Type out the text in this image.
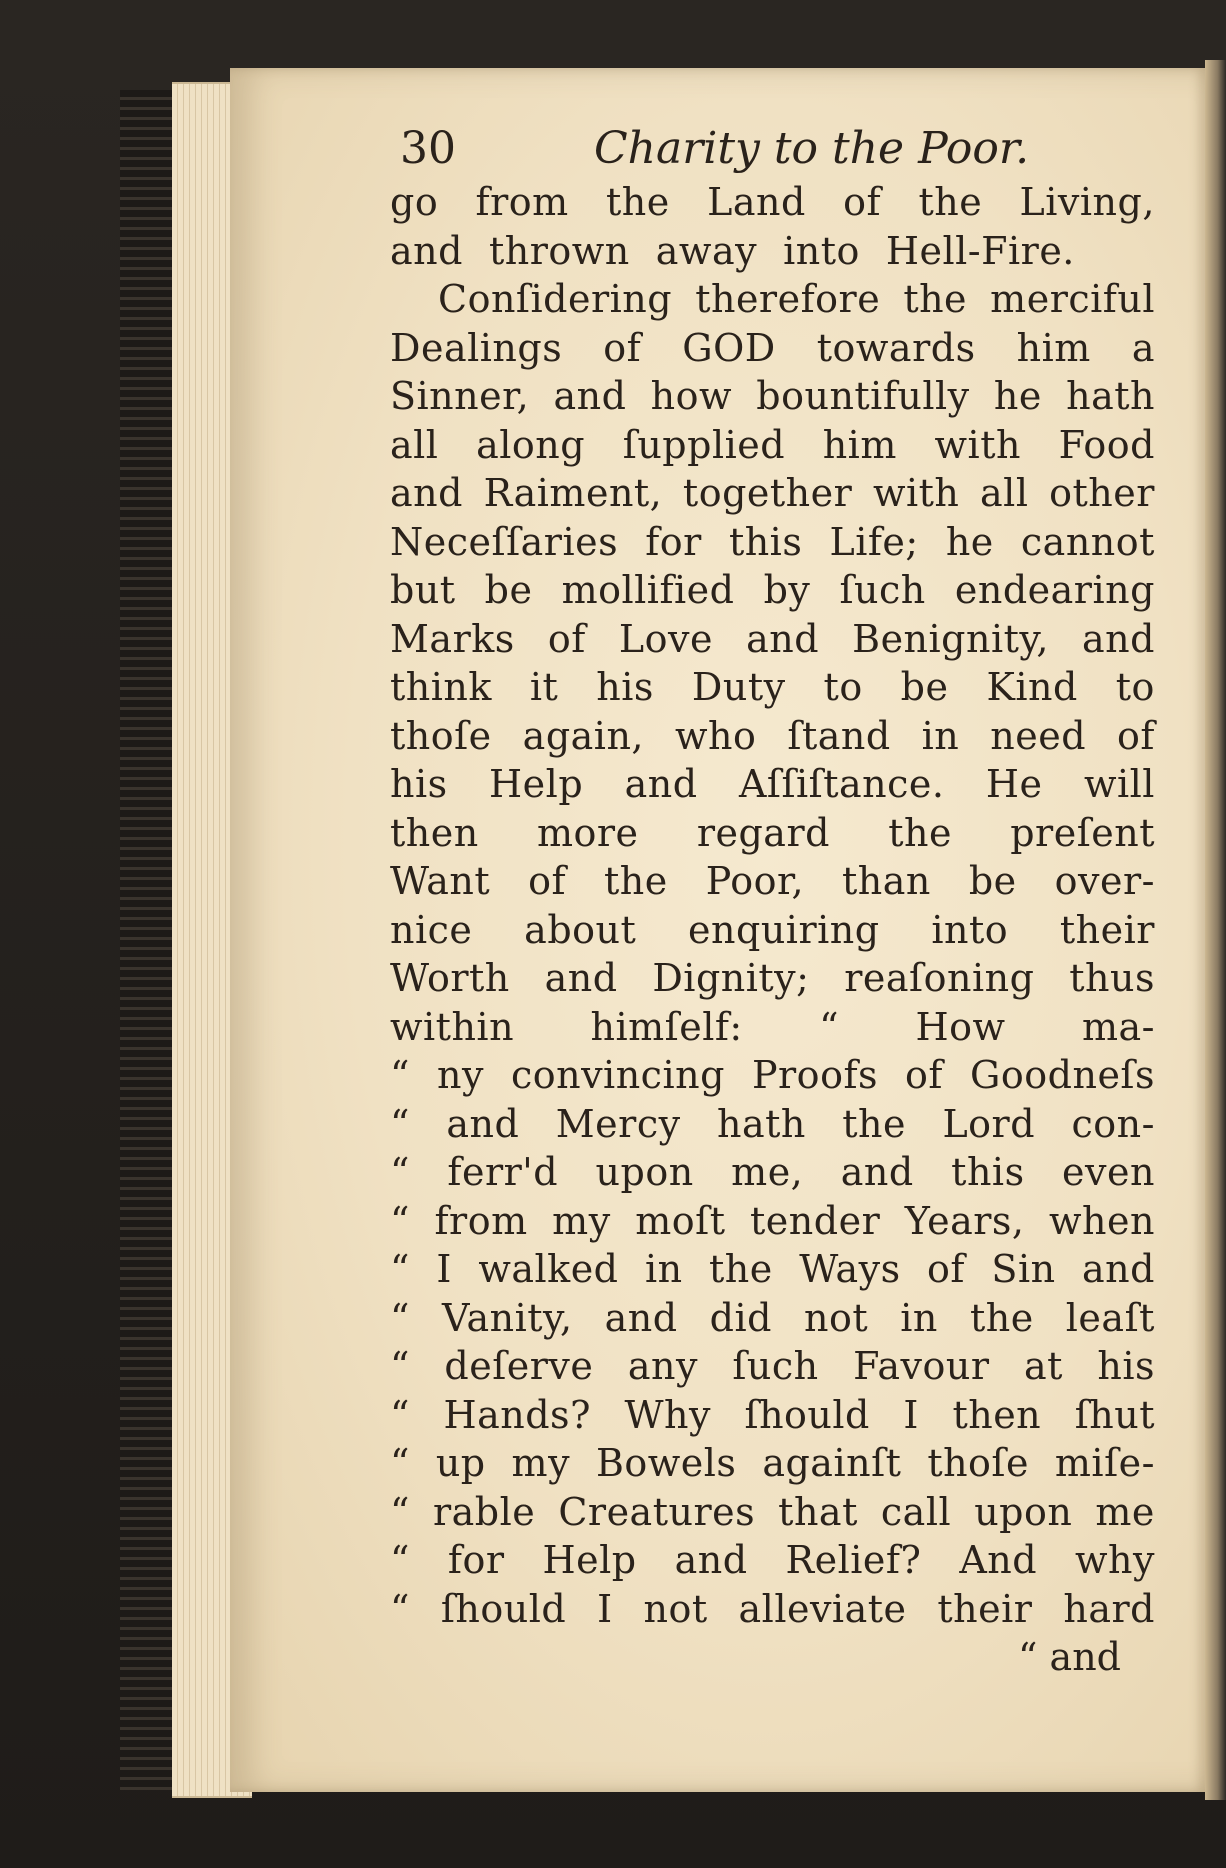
30	Charity to the Poor.
go from the Land of the Living,
and thrown away into Hell-Fire.
Conſidering therefore the merciful
Dealings of GOD towards him a
Sinner, and how bountifully he hath
all along ſupplied him with Food
and Raiment, together with all other
Neceſſaries for this Life; he cannot
but be mollified by ſuch endearing
Marks of Love and Benignity, and
think it his Duty to be Kind to
thoſe again, who ſtand in need of
his Help and Aſſiſtance. He will
then more regard the preſent
Want of the Poor, than be over-
nice about enquiring into their
Worth and Dignity; reaſoning thus
within himſelf: “ How ma-
“ ny convincing Proofs of Goodneſs
“ and Mercy hath the Lord con-
“ ferr'd upon me, and this even
“ from my moſt tender Years, when
“ I walked in the Ways of Sin and
“ Vanity, and did not in the leaſt
“ deſerve any ſuch Favour at his
“ Hands? Why ſhould I then ſhut
“ up my Bowels againſt thoſe miſe-
“ rable Creatures that call upon me
“ for Help and Relief? And why
“ ſhould I not alleviate their hard
“ and
